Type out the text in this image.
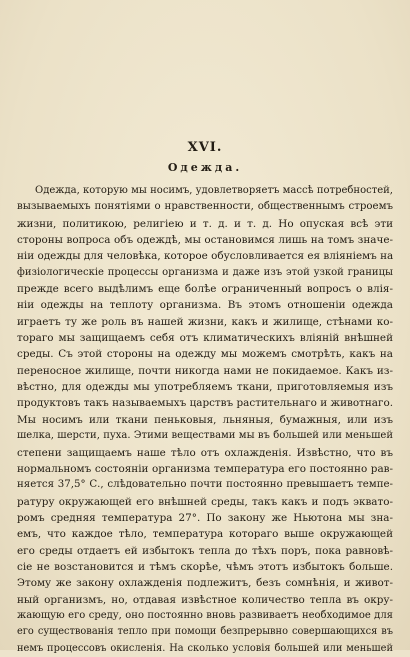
XVI.
Одежда.
Одежда, которую мы носимъ, удовлетворяетъ массѣ потребностей,
вызываемыхъ понятіями о нравственности, общественнымъ строемъ
жизни, политикою, религіею и т. д. и т. д. Но опуская всѣ эти
стороны вопроса объ одеждѣ, мы остановимся лишь на томъ значе-
ніи одежды для человѣка, которое обусловливается ея вліяніемъ на
физіологическіе процессы организма и даже изъ этой узкой границы
прежде всего выдѣлимъ еще болѣе ограниченный вопросъ о влія-
ніи одежды на теплоту организма. Въ этомъ отношеніи одежда
играетъ ту же роль въ нашей жизни, какъ и жилище, стѣнами ко-
тораго мы защищаемъ себя отъ климатическихъ вліяній внѣшней
среды. Съ этой стороны на одежду мы можемъ смотрѣть, какъ на
переносное жилище, почти никогда нами не покидаемое. Какъ из-
вѣстно, для одежды мы употребляемъ ткани, приготовляемыя изъ
продуктовъ такъ называемыхъ царствъ растительнаго и животнаго.
Мы носимъ или ткани пеньковыя, льняныя, бумажныя, или изъ
шелка, шерсти, пуха. Этими веществами мы въ большей или меньшей
степени защищаемъ наше тѣло отъ охлажденія. Извѣстно, что въ
нормальномъ состояніи организма температура его постоянно рав-
няется 37,5° С., слѣдовательно почти постоянно превышаетъ темпе-
ратуру окружающей его внѣшней среды, такъ какъ и подъ эквато-
ромъ средняя температура 27°. По закону же Ньютона мы зна-
емъ, что каждое тѣло, температура котораго выше окружающей
его среды отдаетъ ей избытокъ тепла до тѣхъ поръ, пока равновѣ-
сіе не возстановится и тѣмъ скорѣе, чѣмъ этотъ избытокъ больше.
Этому же закону охлажденія подлежитъ, безъ сомнѣнія, и живот-
ный организмъ, но, отдавая извѣстное количество тепла въ окру-
жающую его среду, оно постоянно вновь развиваетъ необходимое для
его существованія тепло при помощи безпрерывно совершающихся въ
немъ процессовъ окисленія. На сколько условія большей или меньшей
